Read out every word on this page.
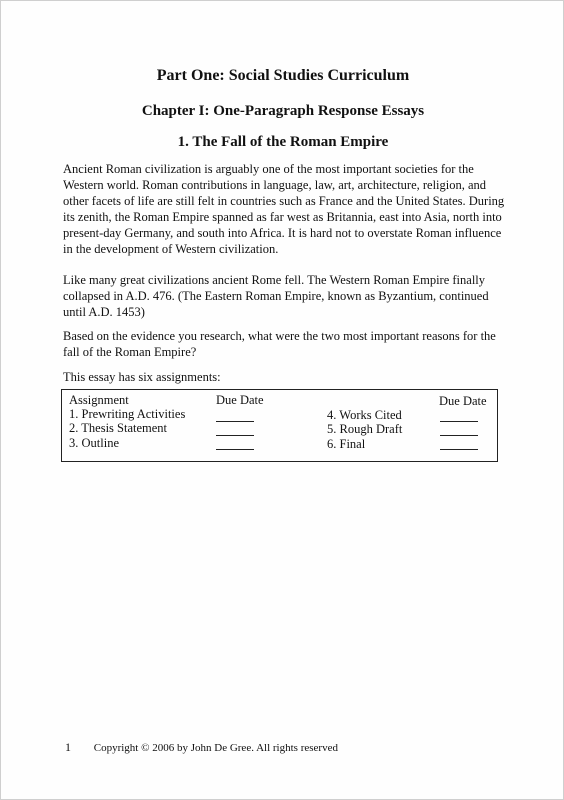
Part One: Social Studies Curriculum
Chapter I: One-Paragraph Response Essays
1. The Fall of the Roman Empire

Ancient Roman civilization is arguably one of the most important societies for the
Western world. Roman contributions in language, law, art, architecture, religion, and
other facets of life are still felt in countries such as France and the United States. During
its zenith, the Roman Empire spanned as far west as Britannia, east into Asia, north into
present-day Germany, and south into Africa. It is hard not to overstate Roman influence
in the development of Western civilization.

Like many great civilizations ancient Rome fell. The Western Roman Empire finally
collapsed in A.D. 476. (The Eastern Roman Empire, known as Byzantium, continued
until A.D. 1453)

Based on the evidence you research, what were the two most important reasons for the
fall of the Roman Empire?

This essay has six assignments:

Assignment	Due Date	Due Date
1. Prewriting Activities
2. Thesis Statement
3. Outline
4. Works Cited
5. Rough Draft
6. Final
1 Copyright © 2006 by John De Gree. All rights reserved
